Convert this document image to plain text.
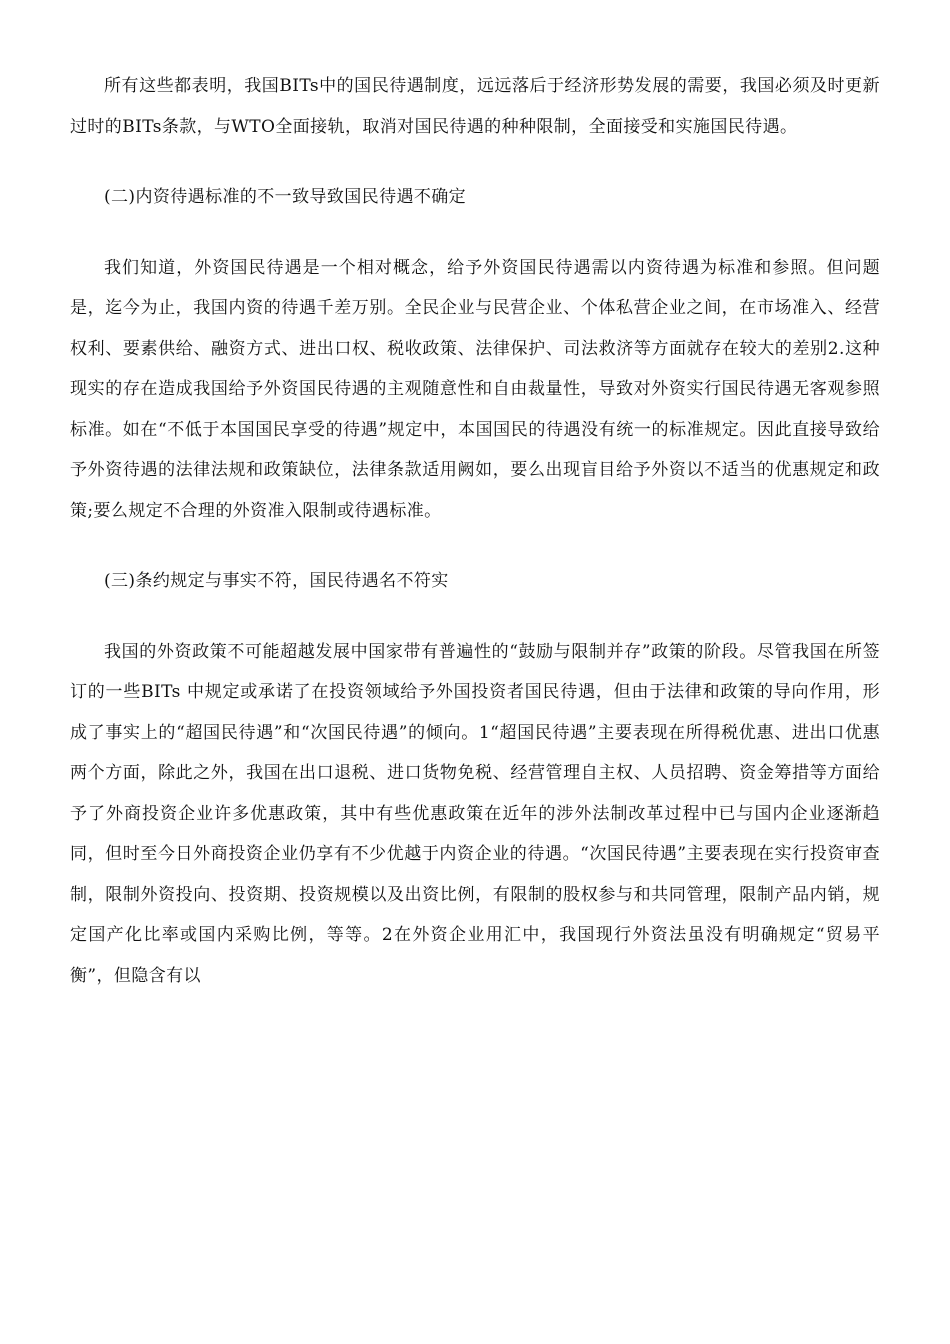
所有这些都表明，我国BITs中的国民待遇制度，远远落后于经济形势发展的需要，我国必须及时更新过时的BITs条款，与WTO全面接轨，取消对国民待遇的种种限制，全面接受和实施国民待遇。

(二)内资待遇标准的不一致导致国民待遇不确定

我们知道，外资国民待遇是一个相对概念，给予外资国民待遇需以内资待遇为标准和参照。但问题是，迄今为止，我国内资的待遇千差万别。全民企业与民营企业、个体私营企业之间，在市场准入、经营权利、要素供给、融资方式、进出口权、税收政策、法律保护、司法救济等方面就存在较大的差别2.这种现实的存在造成我国给予外资国民待遇的主观随意性和自由裁量性，导致对外资实行国民待遇无客观参照标准。如在“不低于本国国民享受的待遇”规定中，本国国民的待遇没有统一的标准规定。因此直接导致给予外资待遇的法律法规和政策缺位，法律条款适用阙如，要么出现盲目给予外资以不适当的优惠规定和政策;要么规定不合理的外资准入限制或待遇标准。

(三)条约规定与事实不符，国民待遇名不符实

我国的外资政策不可能超越发展中国家带有普遍性的“鼓励与限制并存”政策的阶段。尽管我国在所签订的一些BITs 中规定或承诺了在投资领域给予外国投资者国民待遇，但由于法律和政策的导向作用，形成了事实上的“超国民待遇”和“次国民待遇”的倾向。1“超国民待遇”主要表现在所得税优惠、进出口优惠两个方面，除此之外，我国在出口退税、进口货物免税、经营管理自主权、人员招聘、资金筹措等方面给予了外商投资企业许多优惠政策，其中有些优惠政策在近年的涉外法制改革过程中已与国内企业逐渐趋同，但时至今日外商投资企业仍享有不少优越于内资企业的待遇。“次国民待遇”主要表现在实行投资审查制，限制外资投向、投资期、投资规模以及出资比例，有限制的股权参与和共同管理，限制产品内销，规定国产化比率或国内采购比例，等等。2在外资企业用汇中，我国现行外资法虽没有明确规定“贸易平衡”，但隐含有以
